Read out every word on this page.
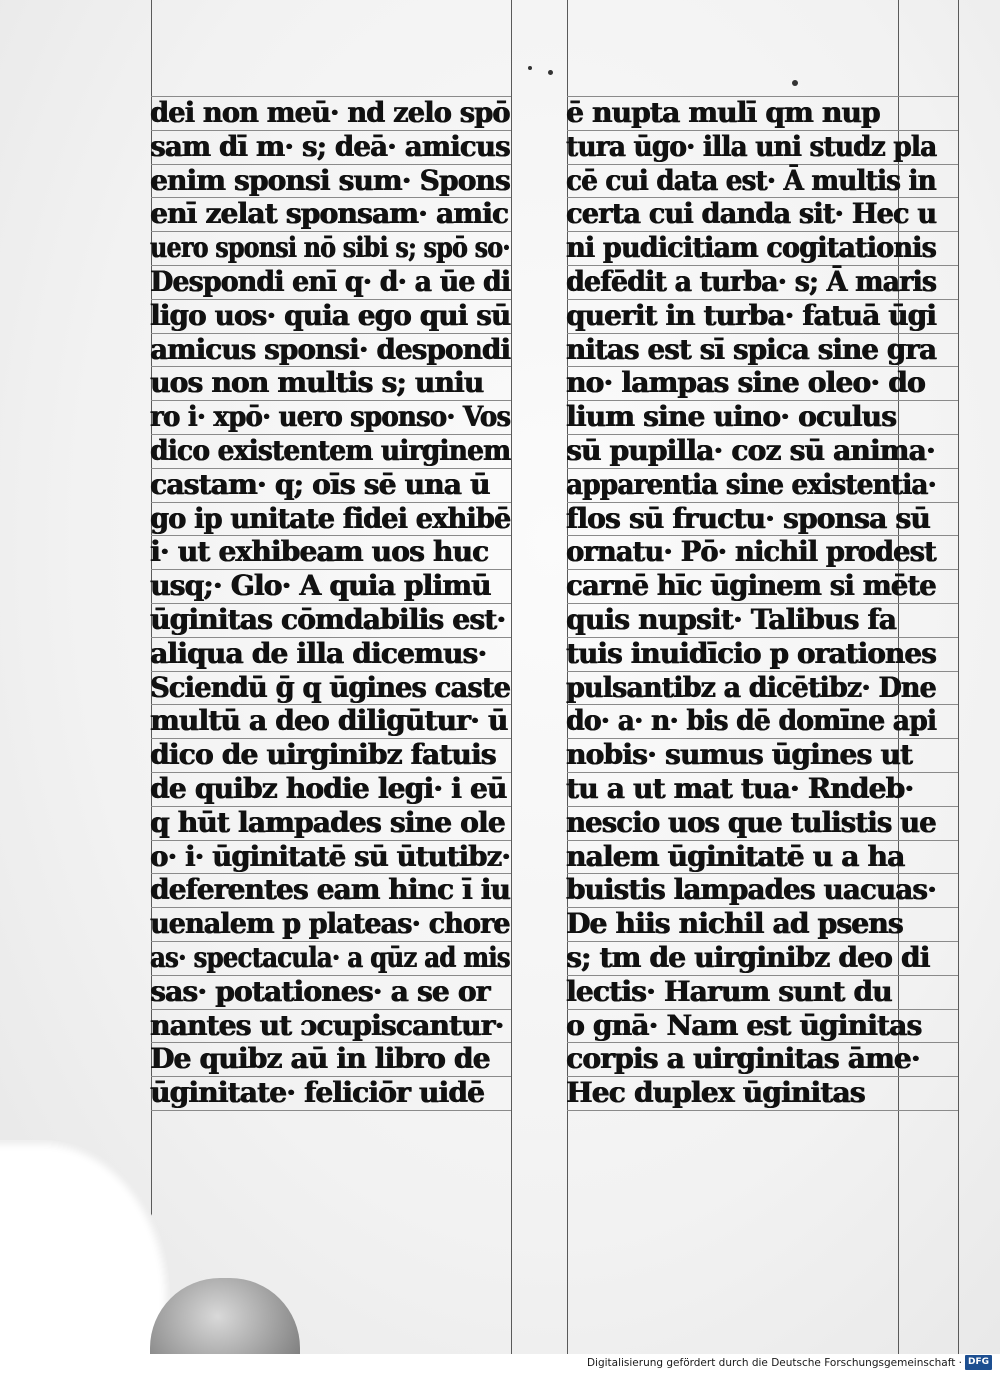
dei non meū· nd zelo spō
sam dī m· s; deā· amicus
enim sponsi sum· Spons
enī zelat sponsam· amic
uero sponsi nō sibi s; spō so·
Despondi enī q· d· a ūe di
ligo uos· quia ego qui sū
amicus sponsi· despondi
uos non multis s; uniu
ro i· xpō· uero sponso· Vos
dico existentem uirginem
castam· q; oīs sē una ū
go ip unitate fidei exhibē
i· ut exhibeam uos huc
usq;· Glo· A quia plimū
ūginitas cōmdabilis est·
aliqua de illa dicemus·
Sciendū ḡ q ūgines caste
multū a deo diligūtur· ū
dico de uirginibz fatuis
de quibz hodie legi· i eū
q hūt lampades sine ole
o· i· ūginitatē sū ūtutibz·
deferentes eam hinc ī iu
uenalem p plateas· chore
as· spectacula· a qūz ad mis
sas· potationes· a se or
nantes ut ɔcupiscantur·
De quibz aū in libro de
ūginitate· feliciōr uidē
ē nupta mulī qm nup
tura ūgo· illa uni studz pla
cē cui data est· Ā multis in
certa cui danda sit· Hec u
ni pudicitiam cogitationis
defēdit a turba· s; Ā maris
querit in turba· fatuā ūgi
nitas est sī spica sine gra
no· lampas sine oleo· do
lium sine uino· oculus
sū pupilla· coz sū anima·
apparentia sine existentia·
flos sū fructu· sponsa sū
ornatu· Pō· nichil prodest
carnē hīc ūginem si mēte
quis nupsit· Talibus fa
tuis inuidīcio p orationes
pulsantibz a dicētibz· Dne
do· a· n· bis dē domīne api
nobis· sumus ūgines ut
tu a ut mat tua· Rndeb·
nescio uos que tulistis ue
nalem ūginitatē u a ha
buistis lampades uacuas·
De hiis nichil ad psens
s; tm de uirginibz deo di
lectis· Harum sunt du
o gnā· Nam est ūginitas
corpis a uirginitas āme·
Hec duplex ūginitas
Digitalisierung gefördert durch die Deutsche Forschungsgemeinschaft · DFG
